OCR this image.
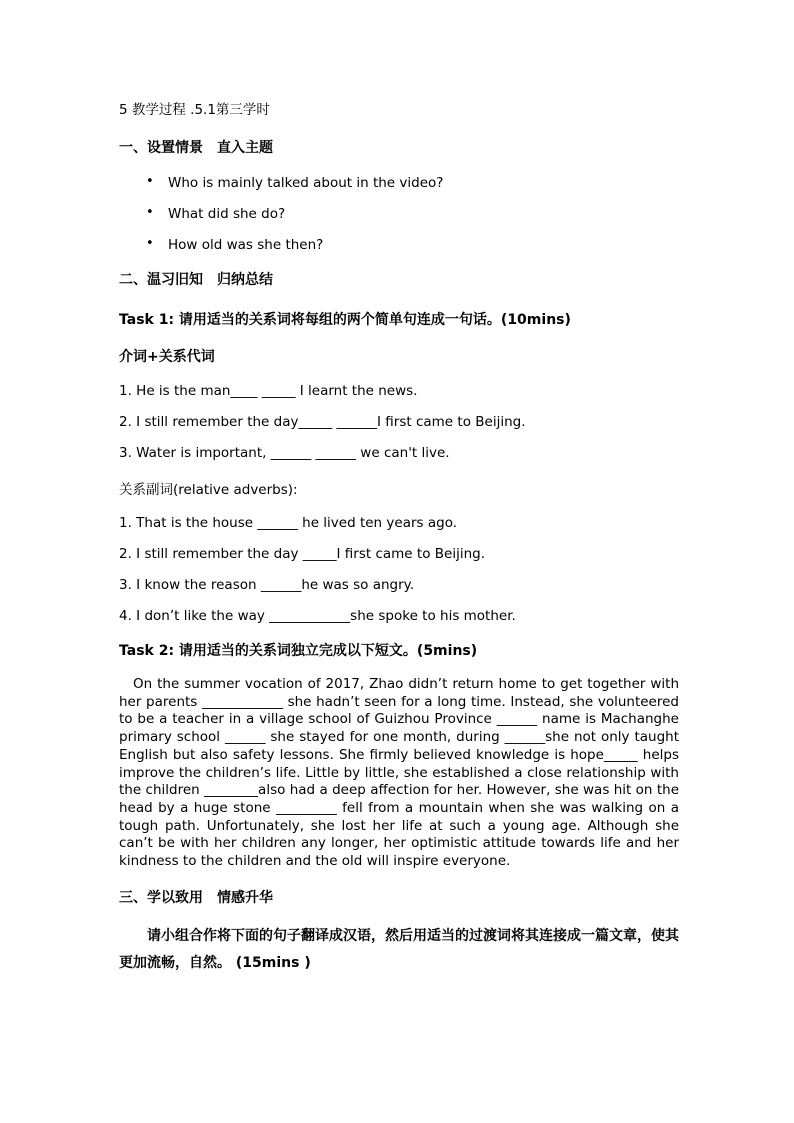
5 教学过程 .5.1第三学时
一、设置情景　直入主题
• Who is mainly talked about in the video?
• What did she do?
• How old was she then?
二、温习旧知　归纳总结
Task 1: 请用适当的关系词将每组的两个简单句连成一句话。(10mins)
介词+关系代词
1. He is the man____ _____ I learnt the news.
2. I still remember the day_____ ______I first came to Beijing.
3. Water is important, ______ ______ we can't live.
关系副词(relative adverbs):
1. That is the house ______ he lived ten years ago.
2. I still remember the day _____I first came to Beijing.
3. I know the reason ______he was so angry.
4. I don’t like the way ____________she spoke to his mother.
Task 2: 请用适当的关系词独立完成以下短文。(5mins)

On the summer vocation of 2017, Zhao didn’t return home to get together with her parents ____________ she hadn’t seen for a long time. Instead, she volunteered to be a teacher in a village school of Guizhou Province ______ name is Machanghe primary school ______ she stayed for one month, during ______she not only taught English but also safety lessons. She firmly believed knowledge is hope_____ helps improve the children’s life. Little by little, she established a close relationship with the children ________also had a deep affection for her. However, she was hit on the head by a huge stone _________ fell from a mountain when she was walking on a tough path. Unfortunately, she lost her life at such a young age. Although she can’t be with her children any longer, her optimistic attitude towards life and her kindness to the children and the old will inspire everyone.

三、学以致用　情感升华

请小组合作将下面的句子翻译成汉语，然后用适当的过渡词将其连接成一篇文章，使其更加流畅，自然。 (15mins )
